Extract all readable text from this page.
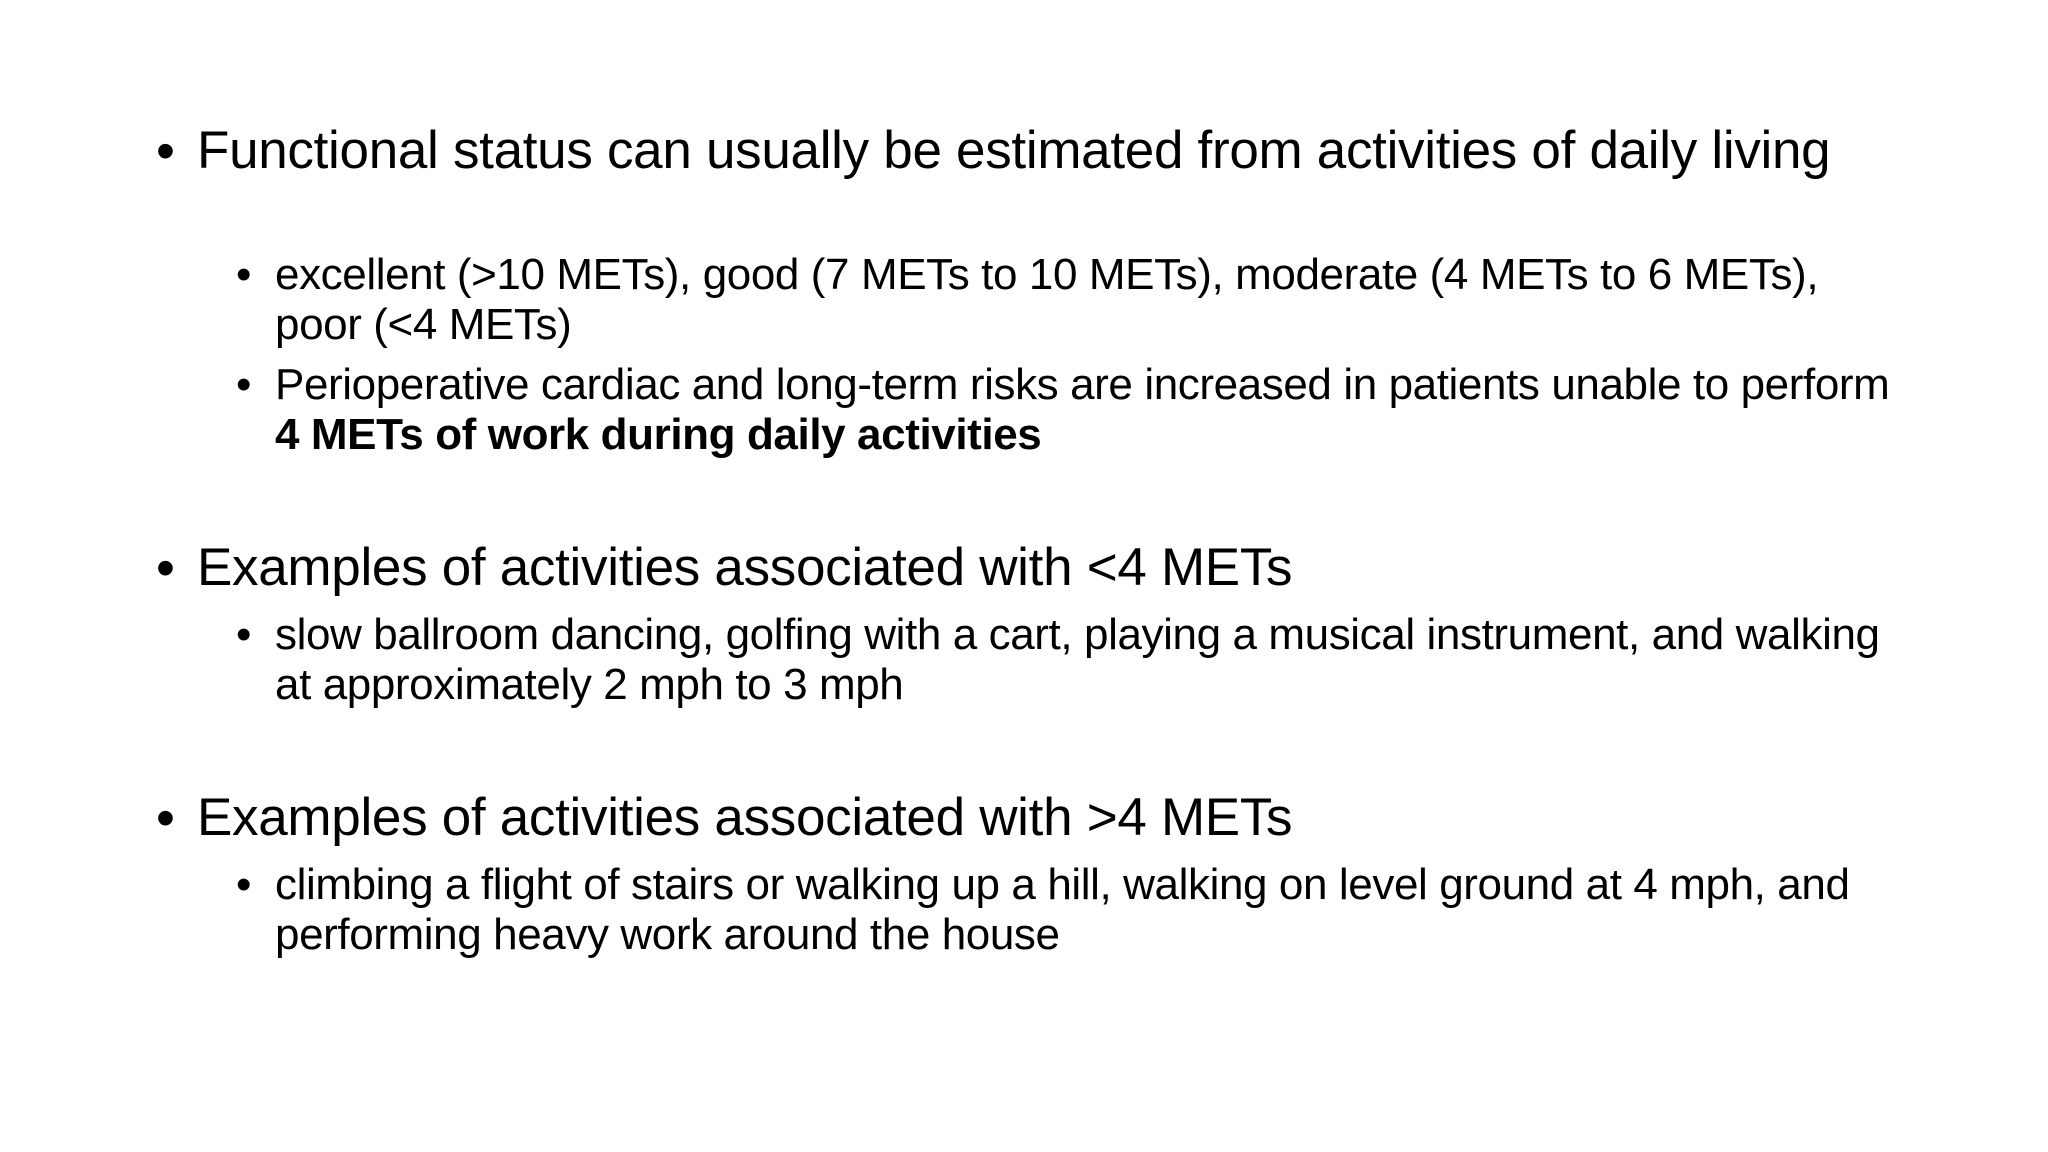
• Functional status can usually be estimated from activities of daily living
• excellent (>10 METs), good (7 METs to 10 METs), moderate (4 METs to 6 METs), poor (<4 METs)
• Perioperative cardiac and long-term risks are increased in patients unable to perform 4 METs of work during daily activities
• Examples of activities associated with <4 METs
• slow ballroom dancing, golfing with a cart, playing a musical instrument, and walking at approximately 2 mph to 3 mph
• Examples of activities associated with >4 METs
• climbing a flight of stairs or walking up a hill, walking on level ground at 4 mph, and performing heavy work around the house
